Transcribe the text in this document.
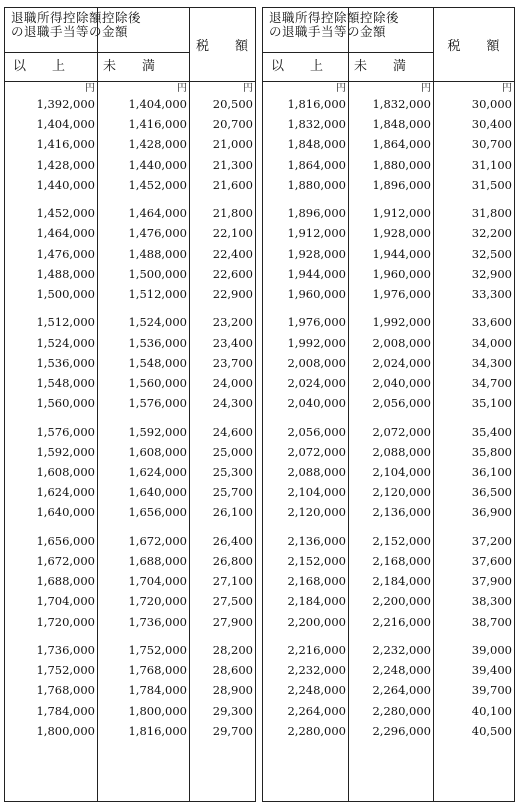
退職所得控除額控除後
の退職手当等の金額
以　　上	未　　満
税　　額
円	円	円
1,392,000	1,404,000	20,500
1,404,000	1,416,000	20,700
1,416,000	1,428,000	21,000
1,428,000	1,440,000	21,300
1,440,000	1,452,000	21,600
1,452,000	1,464,000	21,800
1,464,000	1,476,000	22,100
1,476,000	1,488,000	22,400
1,488,000	1,500,000	22,600
1,500,000	1,512,000	22,900
1,512,000	1,524,000	23,200
1,524,000	1,536,000	23,400
1,536,000	1,548,000	23,700
1,548,000	1,560,000	24,000
1,560,000	1,576,000	24,300
1,576,000	1,592,000	24,600
1,592,000	1,608,000	25,000
1,608,000	1,624,000	25,300
1,624,000	1,640,000	25,700
1,640,000	1,656,000	26,100
1,656,000	1,672,000	26,400
1,672,000	1,688,000	26,800
1,688,000	1,704,000	27,100
1,704,000	1,720,000	27,500
1,720,000	1,736,000	27,900
1,736,000	1,752,000	28,200
1,752,000	1,768,000	28,600
1,768,000	1,784,000	28,900
1,784,000	1,800,000	29,300
1,800,000	1,816,000	29,700
退職所得控除額控除後
の退職手当等の金額
以　　上	未　　満
税　　額
円	円	円
1,816,000	1,832,000	30,000
1,832,000	1,848,000	30,400
1,848,000	1,864,000	30,700
1,864,000	1,880,000	31,100
1,880,000	1,896,000	31,500
1,896,000	1,912,000	31,800
1,912,000	1,928,000	32,200
1,928,000	1,944,000	32,500
1,944,000	1,960,000	32,900
1,960,000	1,976,000	33,300
1,976,000	1,992,000	33,600
1,992,000	2,008,000	34,000
2,008,000	2,024,000	34,300
2,024,000	2,040,000	34,700
2,040,000	2,056,000	35,100
2,056,000	2,072,000	35,400
2,072,000	2,088,000	35,800
2,088,000	2,104,000	36,100
2,104,000	2,120,000	36,500
2,120,000	2,136,000	36,900
2,136,000	2,152,000	37,200
2,152,000	2,168,000	37,600
2,168,000	2,184,000	37,900
2,184,000	2,200,000	38,300
2,200,000	2,216,000	38,700
2,216,000	2,232,000	39,000
2,232,000	2,248,000	39,400
2,248,000	2,264,000	39,700
2,264,000	2,280,000	40,100
2,280,000	2,296,000	40,500
